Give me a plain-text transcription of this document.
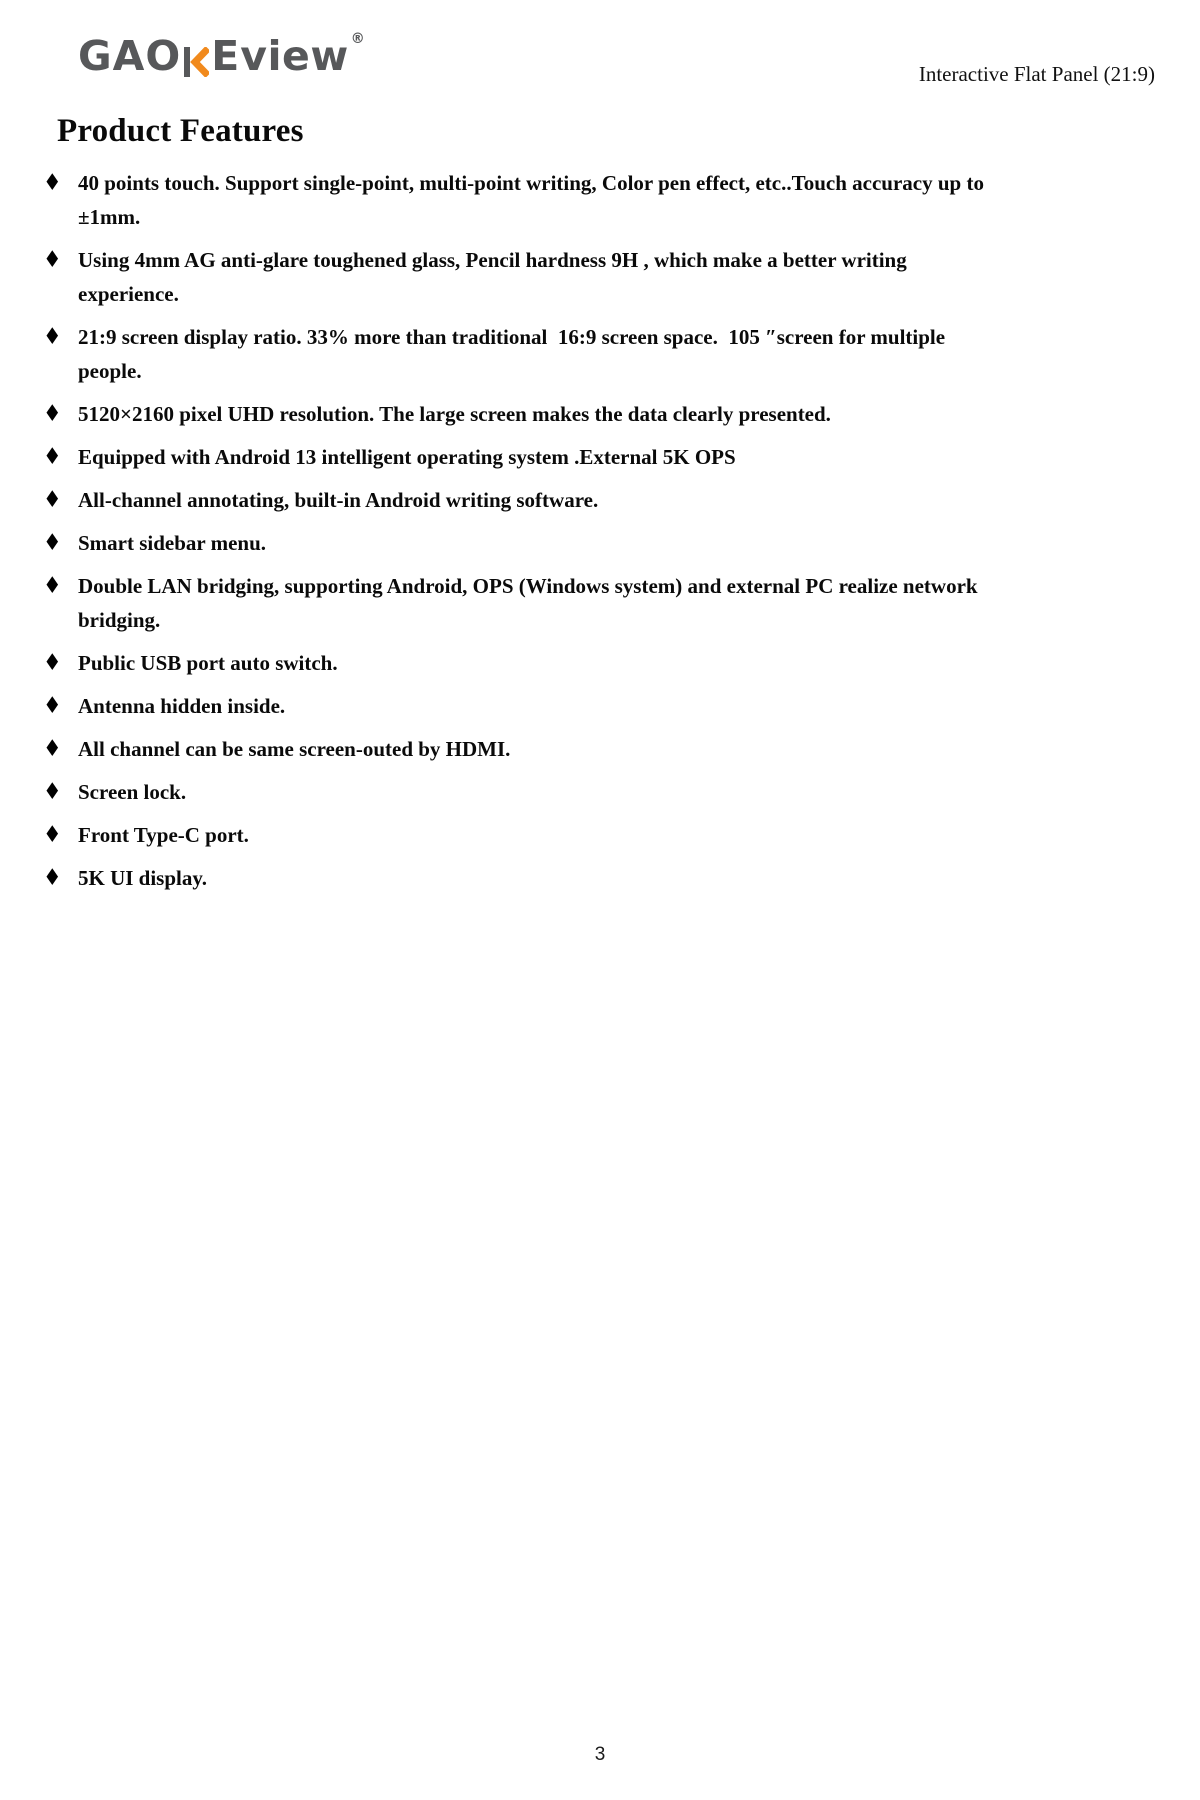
GAO E view ®
Interactive Flat Panel (21:9)
Product Features
♦ 40 points touch. Support single-point, multi-point writing, Color pen effect, etc..Touch accuracy up to ±1mm.
♦ Using 4mm AG anti-glare toughened glass, Pencil hardness 9H , which make a better writing experience.
♦ 21:9 screen display ratio. 33% more than traditional  16:9 screen space.  105 ″screen for multiple people.
♦ 5120×2160 pixel UHD resolution. The large screen makes the data clearly presented.
♦ Equipped with Android 13 intelligent operating system .External 5K OPS
♦ All-channel annotating, built-in Android writing software.
♦ Smart sidebar menu.
♦ Double LAN bridging, supporting Android, OPS (Windows system) and external PC realize network bridging.
♦ Public USB port auto switch.
♦ Antenna hidden inside.
♦ All channel can be same screen-outed by HDMI.
♦ Screen lock.
♦ Front Type-C port.
♦ 5K UI display.
3
